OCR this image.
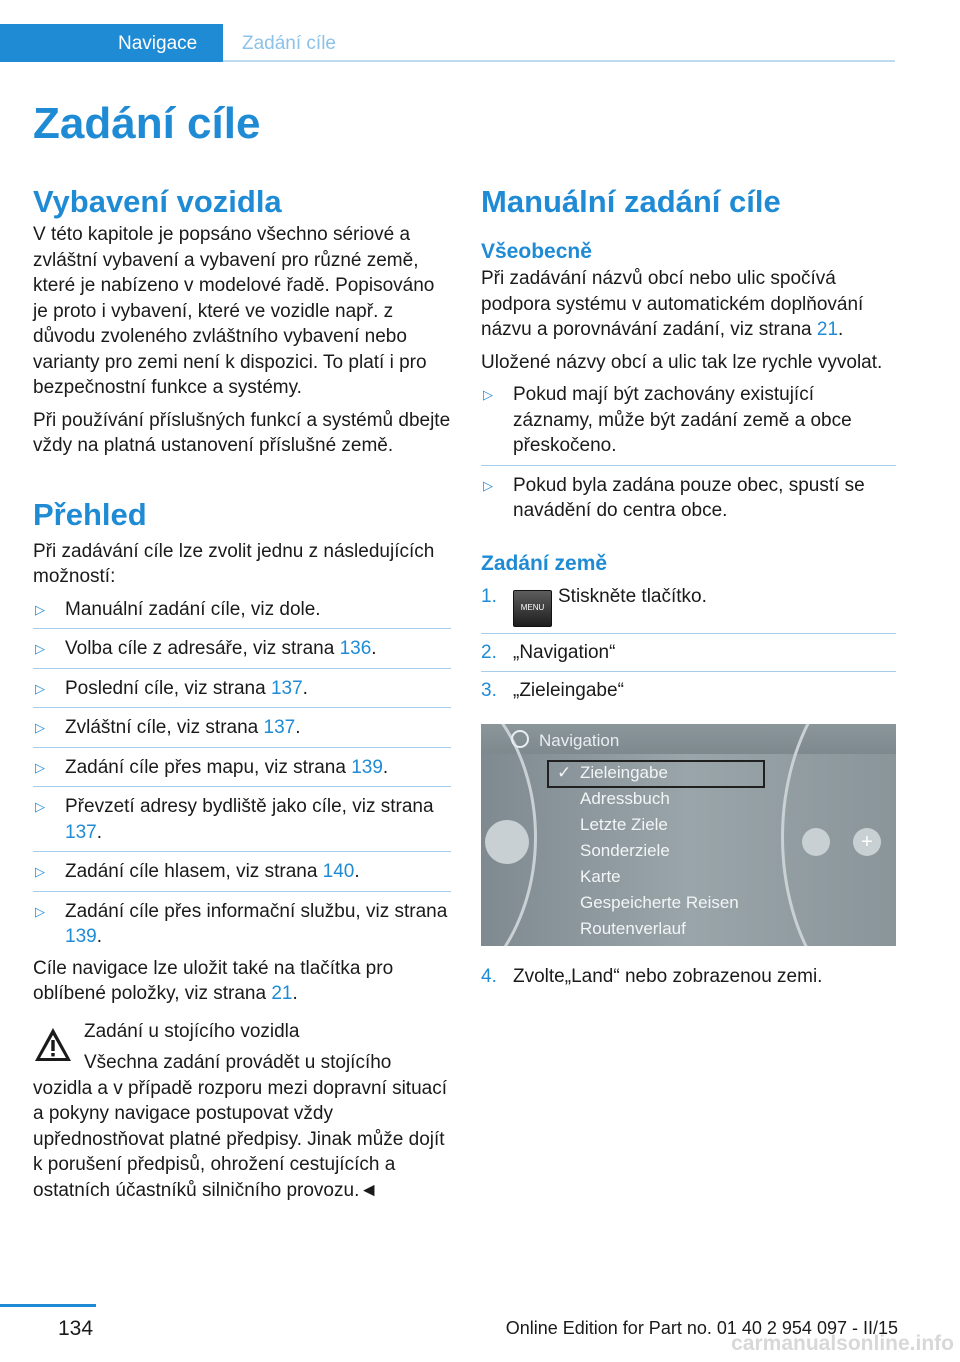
Navigace Zadání cíle
Zadání cíle
Vybavení vozidla

V této kapitole je popsáno všechno sériové a zvláštní vybavení a vybavení pro různé země, které je nabízeno v modelové řadě. Popisováno je proto i vybavení, které ve vozidle např. z důvodu zvoleného zvláštního vybavení nebo varianty pro zemi není k dispozici. To platí i pro bezpečnostní funkce a systémy.

Při používání příslušných funkcí a systémů dbejte vždy na platná ustanovení příslušné země.

Přehled

Při zadávání cíle lze zvolit jednu z následujících možností:

▷ Manuální zadání cíle, viz dole.
▷ Volba cíle z adresáře, viz strana 136.
▷ Poslední cíle, viz strana 137.
▷ Zvláštní cíle, viz strana 137.
▷ Zadání cíle přes mapu, viz strana 139.
▷ Převzetí adresy bydliště jako cíle, viz strana 137.
▷ Zadání cíle hlasem, viz strana 140.
▷ Zadání cíle přes informační službu, viz strana 139.

Cíle navigace lze uložit také na tlačítka pro oblíbené položky, viz strana 21.

Zadání u stojícího vozidla

Všechna zadání provádět u stojícího vozidla a v případě rozporu mezi dopravní situací a pokyny navigace postupovat vždy upřednostňovat platné předpisy. Jinak může dojít k porušení předpisů, ohrožení cestujících a ostatních účastníků silničního provozu.◄

Manuální zadání cíle
Všeobecně

Při zadávání názvů obcí nebo ulic spočívá podpora systému v automatickém doplňování názvu a porovnávání zadání, viz strana 21.

Uložené názvy obcí a ulic tak lze rychle vyvolat.

▷ Pokud mají být zachovány existující záznamy, může být zadání země a obce přeskočeno.
▷ Pokud byla zadána pouze obec, spustí se navádění do centra obce.
Zadání země
1.
MENUStiskněte tlačítko.
2. „Navigation“
3. „Zieleingabe“
Navigation
✓ Zieleingabe
Adressbuch
Letzte Ziele
Sonderziele
Karte
Gespeicherte Reisen
Routenverlauf
+
4. Zvolte„Land“ nebo zobrazenou zemi.
134	Online Edition for Part no. 01 40 2 954 097 - II/15
carmanualsonline.info
